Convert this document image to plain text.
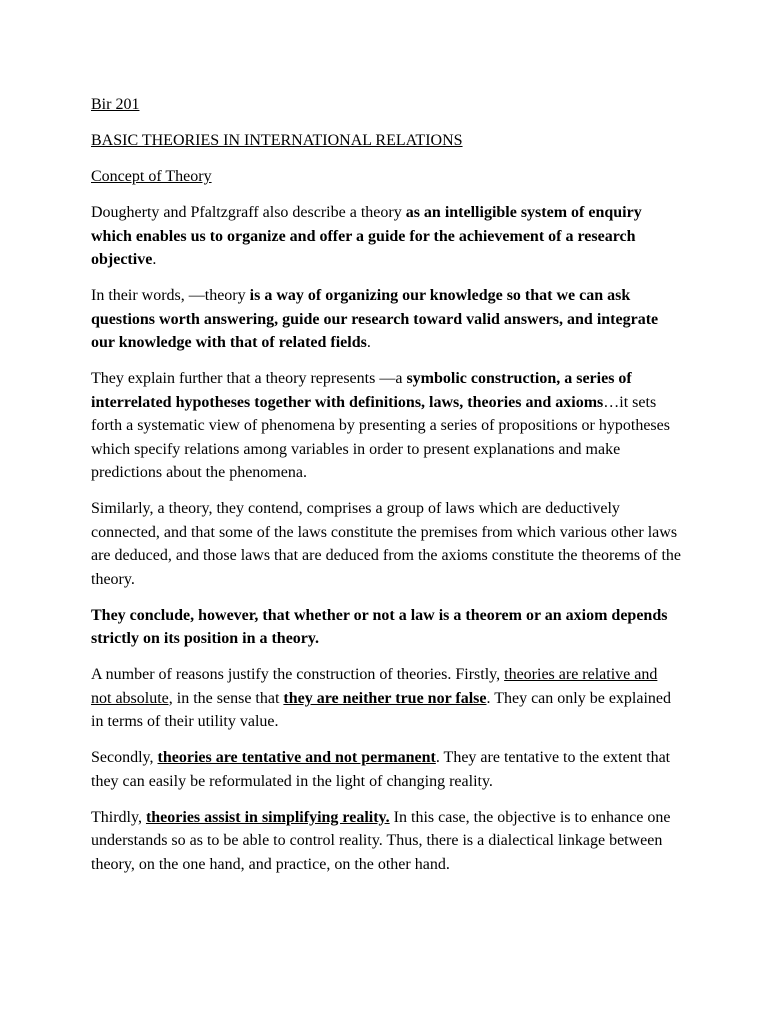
Bir 201

BASIC THEORIES IN INTERNATIONAL RELATIONS

Concept of Theory

Dougherty and Pfaltzgraff also describe a theory as an intelligible system of enquiry which enables us to organize and offer a guide for the achievement of a research objective.

In their words, —theory is a way of organizing our knowledge so that we can ask questions worth answering, guide our research toward valid answers, and integrate our knowledge with that of related fields.

They explain further that a theory represents —a symbolic construction, a series of interrelated hypotheses together with definitions, laws, theories and axioms…it sets forth a systematic view of phenomena by presenting a series of propositions or hypotheses which specify relations among variables in order to present explanations and make predictions about the phenomena.

Similarly, a theory, they contend, comprises a group of laws which are deductively connected, and that some of the laws constitute the premises from which various other laws are deduced, and those laws that are deduced from the axioms constitute the theorems of the theory.

They conclude, however, that whether or not a law is a theorem or an axiom depends strictly on its position in a theory.

A number of reasons justify the construction of theories. Firstly, theories are relative and not absolute, in the sense that they are neither true nor false. They can only be explained in terms of their utility value.

Secondly, theories are tentative and not permanent. They are tentative to the extent that they can easily be reformulated in the light of changing reality.

Thirdly, theories assist in simplifying reality. In this case, the objective is to enhance one understands so as to be able to control reality. Thus, there is a dialectical linkage between theory, on the one hand, and practice, on the other hand.
